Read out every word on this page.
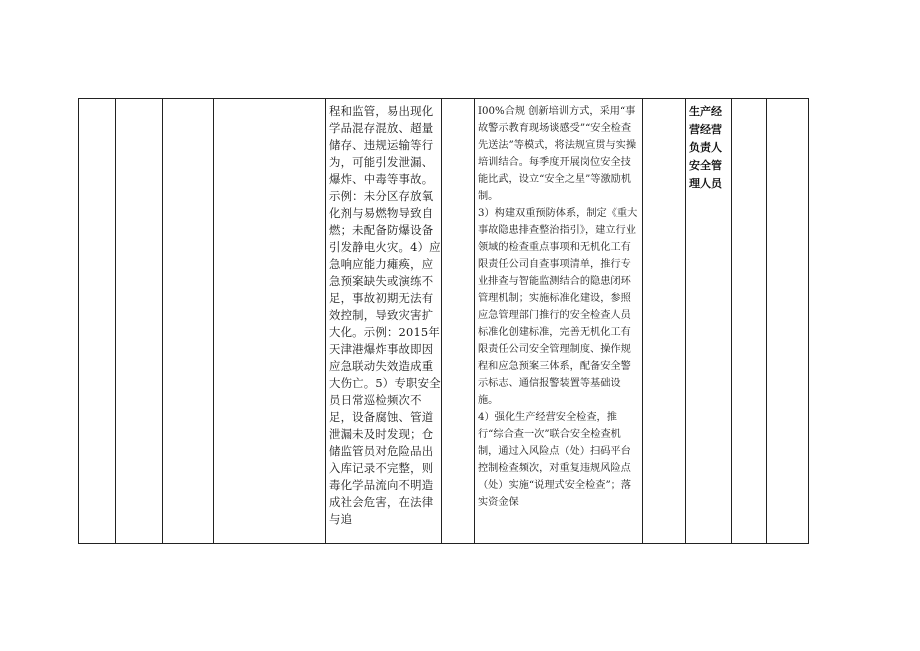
程和监管，易出现化学品混存混放、超量储存、违规运输等行为，可能引发泄漏、爆炸、中毒等事故。示例：未分区存放氧化剂与易燃物导致自燃；未配备防爆设备引发静电火灾。4）应急响应能力瘫痪，应急预案缺失或演练不足，事故初期无法有效控制，导致灾害扩大化。示例：2015年天津港爆炸事故即因应急联动失效造成重大伤亡。5）专职安全员日常巡检频次不足，设备腐蚀、管道泄漏未及时发现；仓储监管员对危险品出入库记录不完整，则毒化学品流向不明造成社会危害，在法律与追

I00%合规 创新培训方式，采用“事故警示教育现场谈感受”“安全检查先送法”等模式，将法规宣贯与实操培训结合。每季度开展岗位安全技能比武，设立“安全之星”等激励机制。

3）构建双重预防体系，制定《重大事故隐患排查整治指引》，建立行业领域的检查重点事项和无机化工有限责任公司自查事项清单，推行专业排查与智能监测结合的隐患闭环管理机制；实施标准化建设，参照应急管理部门推行的安全检查人员标准化创建标准，完善无机化工有限责任公司安全管理制度、操作规程和应急预案三体系，配备安全警示标志、通信报警装置等基础设施。

4）强化生产经营安全检查，推行“综合查一次”联合安全检查机制，通过入风险点（处）扫码平台控制检查频次，对重复违规风险点（处）实施“说理式安全检查”；落实资金保

生产经营经营负责人安全管理人员
